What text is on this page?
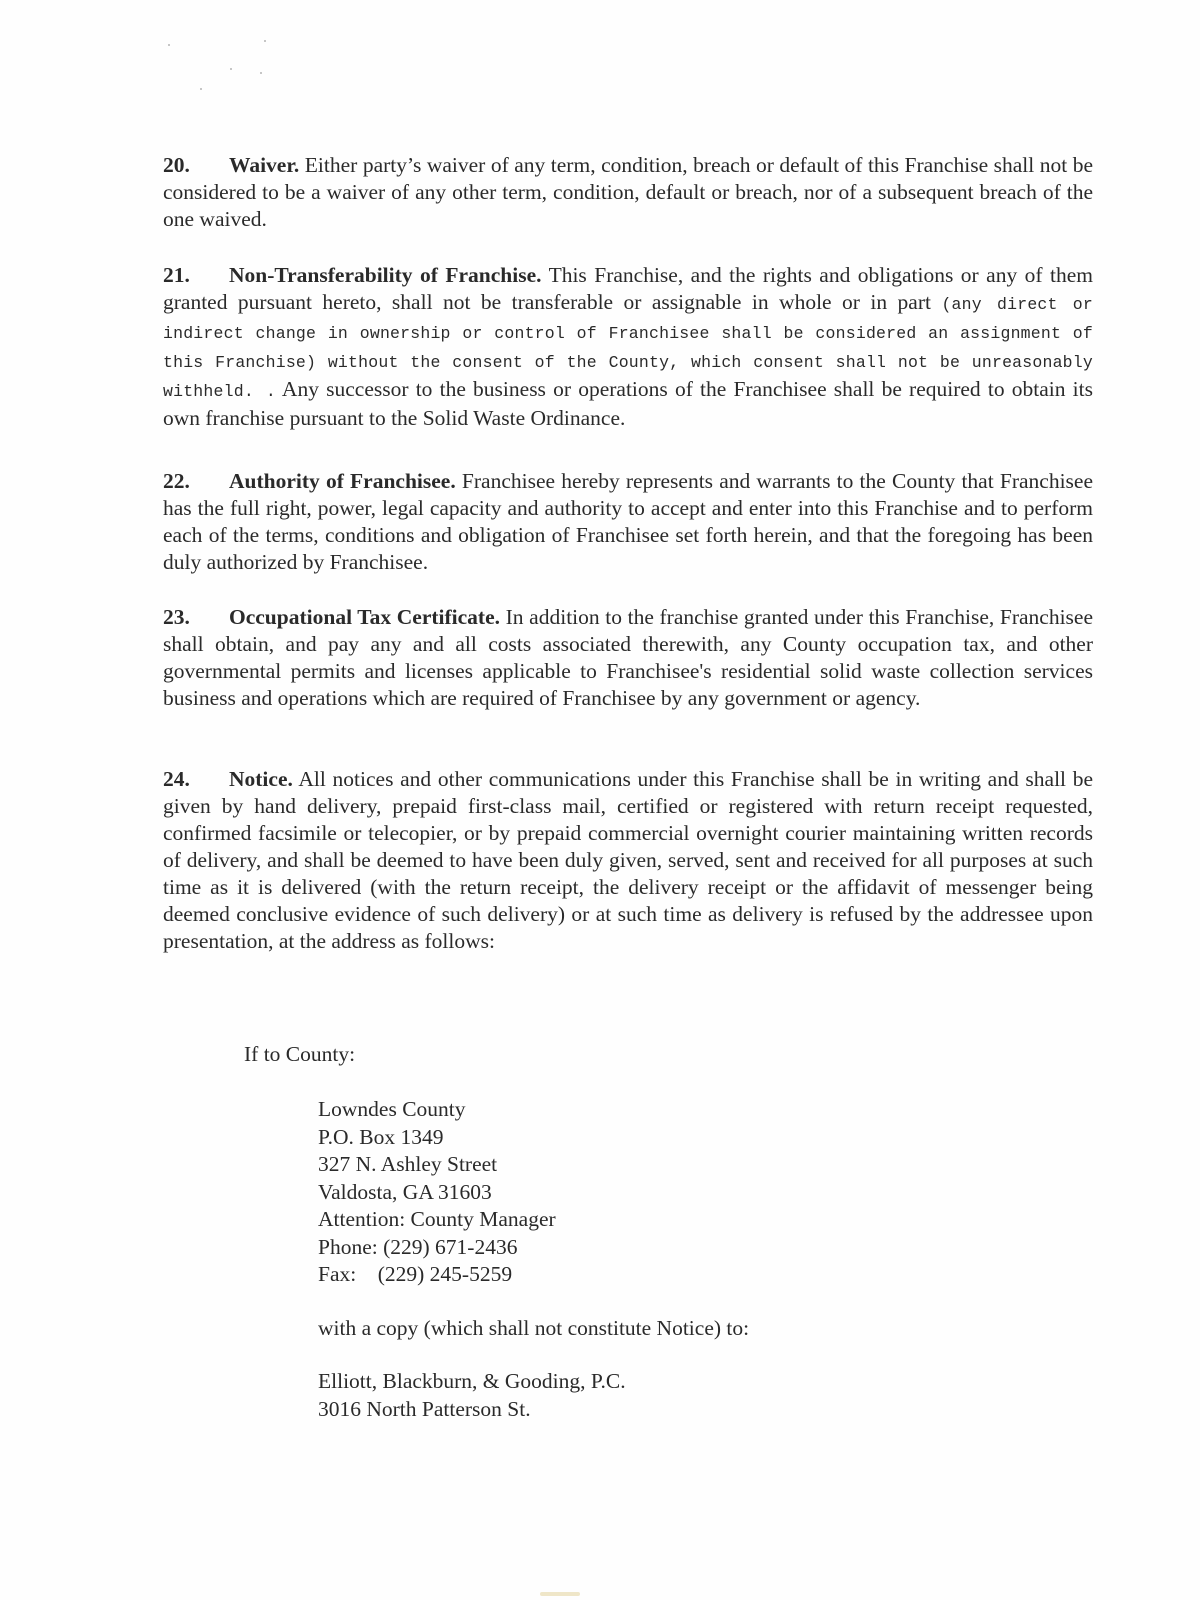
20. Waiver. Either party’s waiver of any term, condition, breach or default of this Franchise shall not be considered to be a waiver of any other term, condition, default or breach, nor of a subsequent breach of the one waived.
21. Non-Transferability of Franchise. This Franchise, and the rights and obligations or any of them granted pursuant hereto, shall not be transferable or assignable in whole or in part (any direct or indirect change in ownership or control of Franchisee shall be considered an assignment of this Franchise) without the consent of the County, which consent shall not be unreasonably withheld. . Any successor to the business or operations of the Franchisee shall be required to obtain its own franchise pursuant to the Solid Waste Ordinance.
22. Authority of Franchisee. Franchisee hereby represents and warrants to the County that Franchisee has the full right, power, legal capacity and authority to accept and enter into this Franchise and to perform each of the terms, conditions and obligation of Franchisee set forth herein, and that the foregoing has been duly authorized by Franchisee.
23. Occupational Tax Certificate. In addition to the franchise granted under this Franchise, Franchisee shall obtain, and pay any and all costs associated therewith, any County occupation tax, and other governmental permits and licenses applicable to Franchisee's residential solid waste collection services business and operations which are required of Franchisee by any government or agency.
24. Notice. All notices and other communications under this Franchise shall be in writing and shall be given by hand delivery, prepaid first-class mail, certified or registered with return receipt requested, confirmed facsimile or telecopier, or by prepaid commercial overnight courier maintaining written records of delivery, and shall be deemed to have been duly given, served, sent and received for all purposes at such time as it is delivered (with the return receipt, the delivery receipt or the affidavit of messenger being deemed conclusive evidence of such delivery) or at such time as delivery is refused by the addressee upon presentation, at the address as follows:
If to County:
Lowndes County
P.O. Box 1349
327 N. Ashley Street
Valdosta, GA 31603
Attention: County Manager
Phone: (229) 671-2436
Fax:    (229) 245-5259
with a copy (which shall not constitute Notice) to:
Elliott, Blackburn, & Gooding, P.C.
3016 North Patterson St.
